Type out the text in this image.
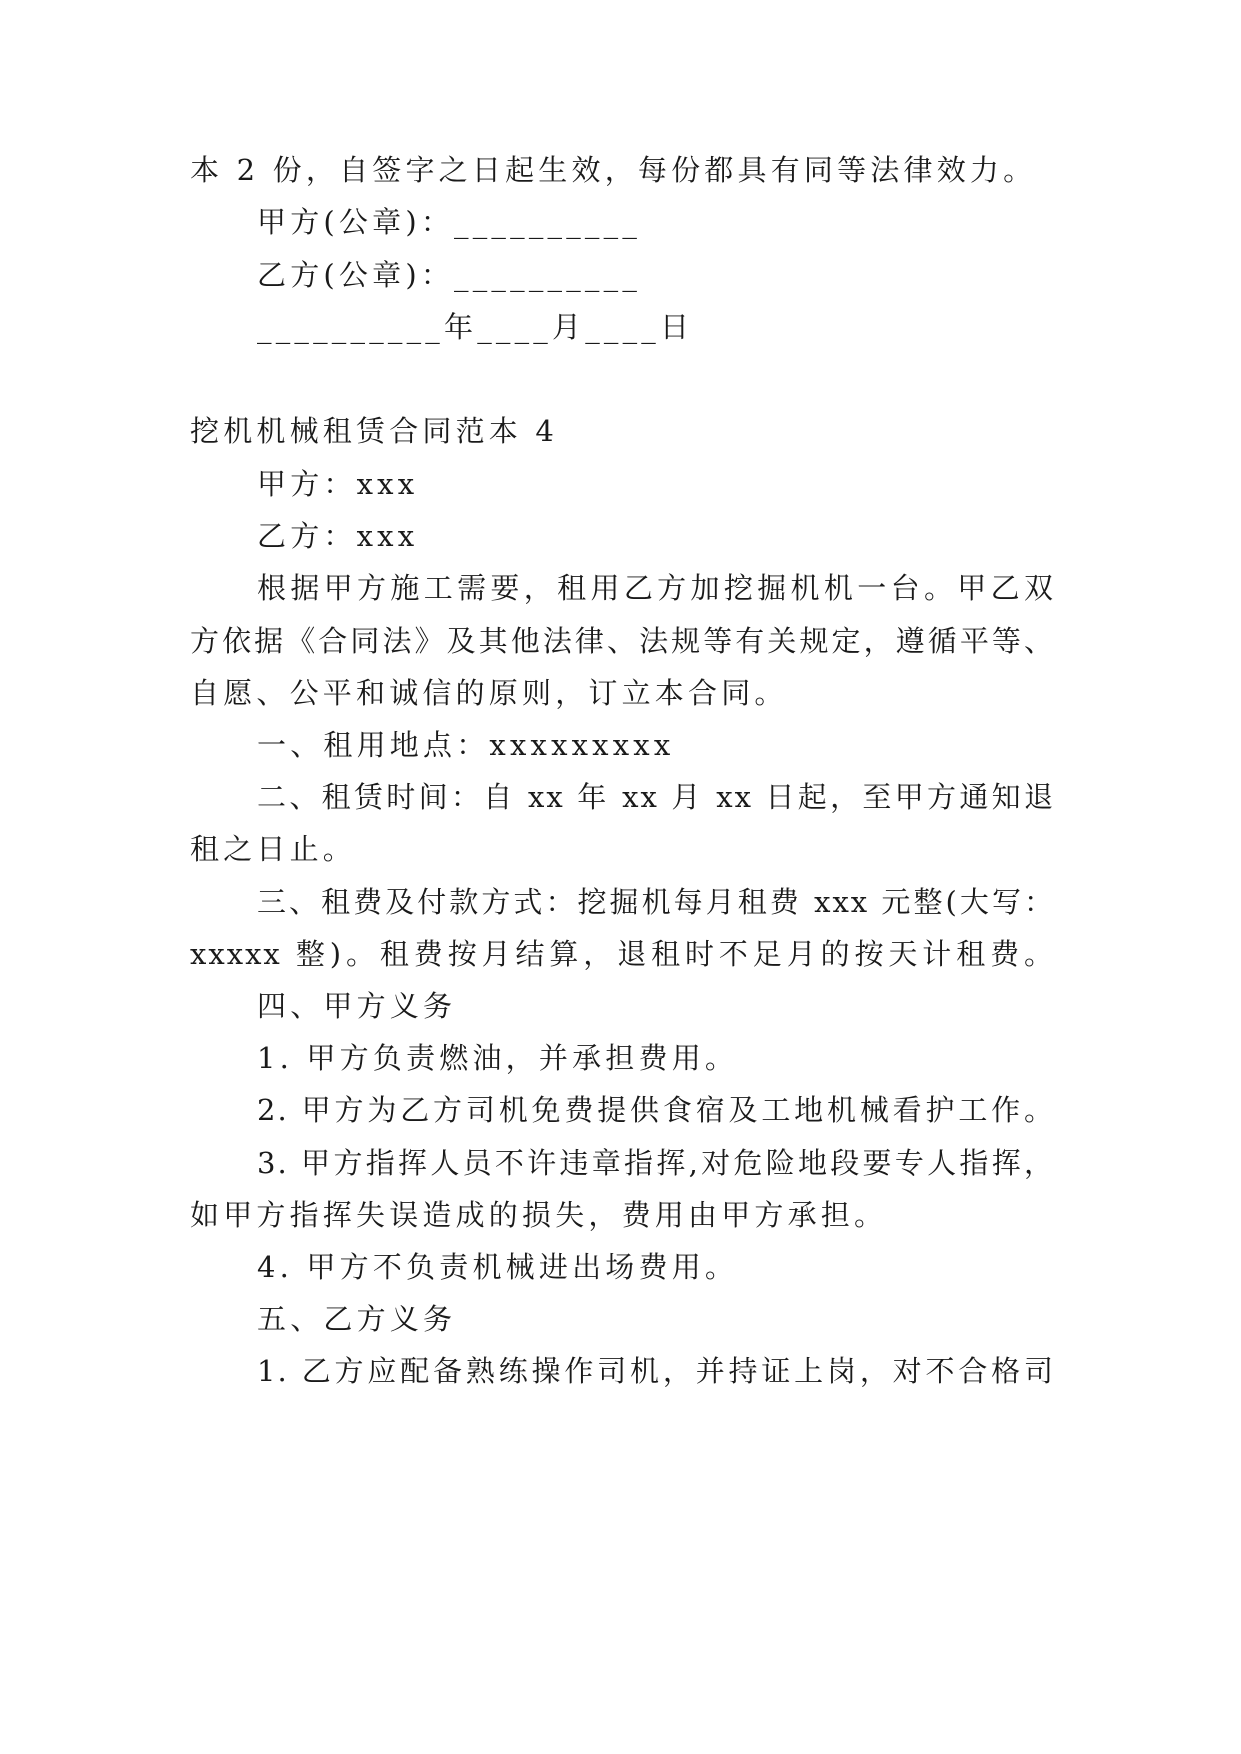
本 2 份，自签字之日起生效，每份都具有同等法律效力。
甲方(公章)：__________
乙方(公章)：__________
__________年____月____日
挖机机械租赁合同范本 4
甲方：xxx
乙方：xxx
根据甲方施工需要，租用乙方加挖掘机机一台。甲乙双
方依据《合同法》及其他法律、法规等有关规定，遵循平等、
自愿、公平和诚信的原则，订立本合同。
一、租用地点：xxxxxxxxx
二、租赁时间：自 xx 年 xx 月 xx 日起，至甲方通知退
租之日止。
三、租费及付款方式：挖掘机每月租费 xxx 元整(大写：
xxxxx 整)。租费按月结算，退租时不足月的按天计租费。
四、甲方义务
1. 甲方负责燃油，并承担费用。
2. 甲方为乙方司机免费提供食宿及工地机械看护工作。
3. 甲方指挥人员不许违章指挥,对危险地段要专人指挥，
如甲方指挥失误造成的损失，费用由甲方承担。
4. 甲方不负责机械进出场费用。
五、乙方义务
1. 乙方应配备熟练操作司机，并持证上岗，对不合格司
